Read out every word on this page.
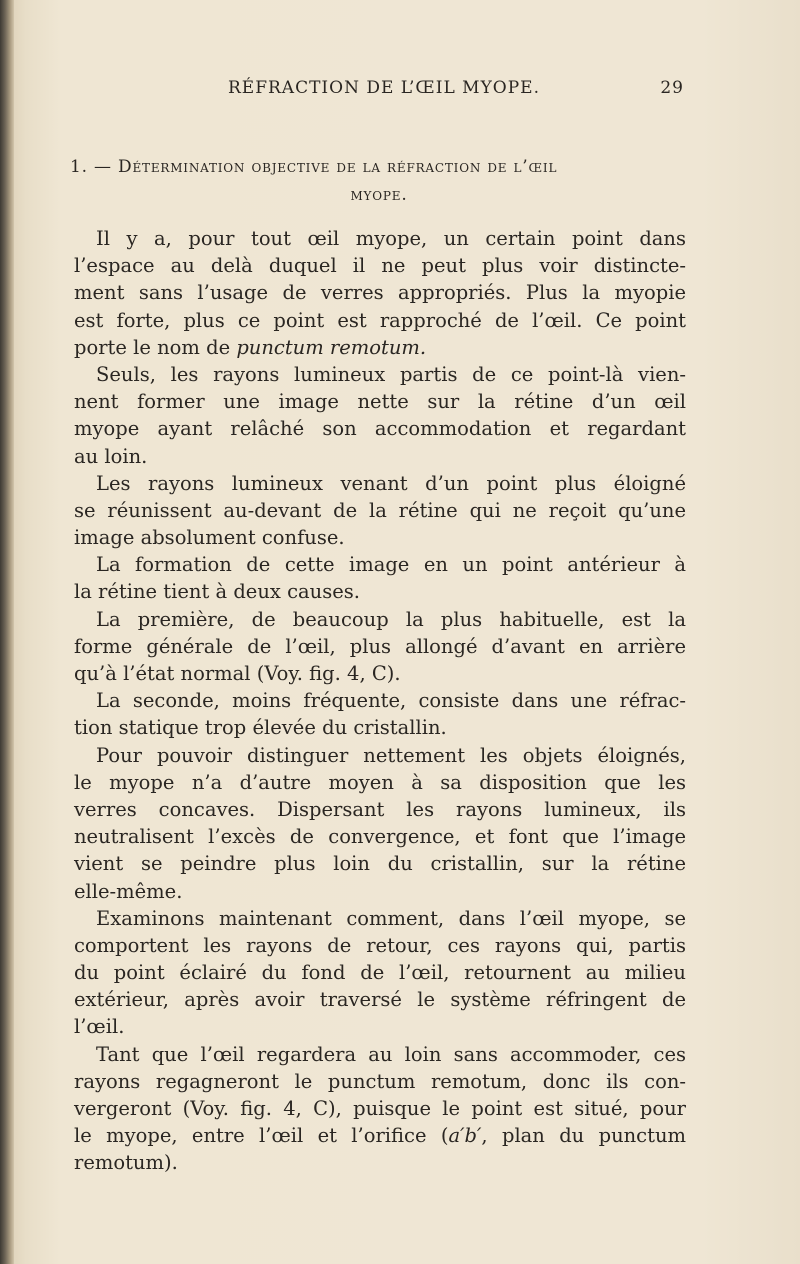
RÉFRACTION DE L’ŒIL MYOPE.	29
1. — Détermination objective de la réfraction de l’œil
myope.
Il y a, pour tout œil myope, un certain point dans
l’espace au delà duquel il ne peut plus voir distincte-
ment sans l’usage de verres appropriés. Plus la myopie
est forte, plus ce point est rapproché de l’œil. Ce point
porte le nom de punctum remotum.
Seuls, les rayons lumineux partis de ce point-là vien-
nent former une image nette sur la rétine d’un œil
myope ayant relâché son accommodation et regardant
au loin.
Les rayons lumineux venant d’un point plus éloigné
se réunissent au-devant de la rétine qui ne reçoit qu’une
image absolument confuse.
La formation de cette image en un point antérieur à
la rétine tient à deux causes.
La première, de beaucoup la plus habituelle, est la
forme générale de l’œil, plus allongé d’avant en arrière
qu’à l’état normal (Voy. fig. 4, C).
La seconde, moins fréquente, consiste dans une réfrac-
tion statique trop élevée du cristallin.
Pour pouvoir distinguer nettement les objets éloignés,
le myope n’a d’autre moyen à sa disposition que les
verres concaves. Dispersant les rayons lumineux, ils
neutralisent l’excès de convergence, et font que l’image
vient se peindre plus loin du cristallin, sur la rétine
elle-même.
Examinons maintenant comment, dans l’œil myope, se
comportent les rayons de retour, ces rayons qui, partis
du point éclairé du fond de l’œil, retournent au milieu
extérieur, après avoir traversé le système réfringent de
l’œil.
Tant que l’œil regardera au loin sans accommoder, ces
rayons regagneront le punctum remotum, donc ils con-
vergeront (Voy. fig. 4, C), puisque le point est situé, pour
le myope, entre l’œil et l’orifice (a′b′, plan du punctum
remotum).
